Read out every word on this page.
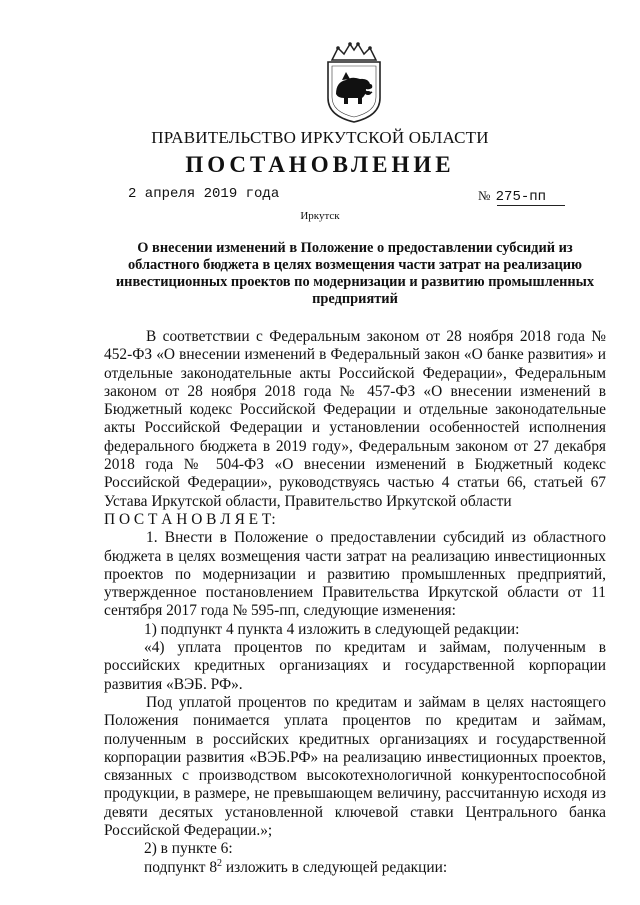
ПРАВИТЕЛЬСТВО ИРКУТСКОЙ ОБЛАСТИ
ПОСТАНОВЛЕНИЕ
2 апреля 2019 года	№ 275-пп
Иркутск
О внесении изменений в Положение о предоставлении субсидий из областного бюджета в целях возмещения части затрат на реализацию инвестиционных проектов по модернизации и развитию промышленных предприятий

В соответствии с Федеральным законом от 28 ноября 2018 года № 452-ФЗ «О внесении изменений в Федеральный закон «О банке развития» и отдельные законодательные акты Российской Федерации», Федеральным законом от 28 ноября 2018 года № 457-ФЗ «О внесении изменений в Бюджетный кодекс Российской Федерации и отдельные законодательные акты Российской Федерации и установлении особенностей исполнения федерального бюджета в 2019 году», Федеральным законом от 27 декабря 2018 года № 504-ФЗ «О внесении изменений в Бюджетный кодекс Российской Федерации», руководствуясь частью 4 статьи 66, статьей 67 Устава Иркутской области, Правительство Иркутской области

П О С Т А Н О В Л Я Е Т:

1. Внести в Положение о предоставлении субсидий из областного бюджета в целях возмещения части затрат на реализацию инвестиционных проектов по модернизации и развитию промышленных предприятий, утвержденное постановлением Правительства Иркутской области от 11 сентября 2017 года № 595-пп, следующие изменения:

1) подпункт 4 пункта 4 изложить в следующей редакции:

«4) уплата процентов по кредитам и займам, полученным в российских кредитных организациях и государственной корпорации развития «ВЭБ. РФ».

Под уплатой процентов по кредитам и займам в целях настоящего Положения понимается уплата процентов по кредитам и займам, полученным в российских кредитных организациях и государственной корпорации развития «ВЭБ.РФ» на реализацию инвестиционных проектов, связанных с производством высокотехнологичной конкурентоспособной продукции, в размере, не превышающем величину, рассчитанную исходя из девяти десятых установленной ключевой ставки Центрального банка Российской Федерации.»;

2) в пункте 6:

подпункт $8^2$ изложить в следующей редакции:
